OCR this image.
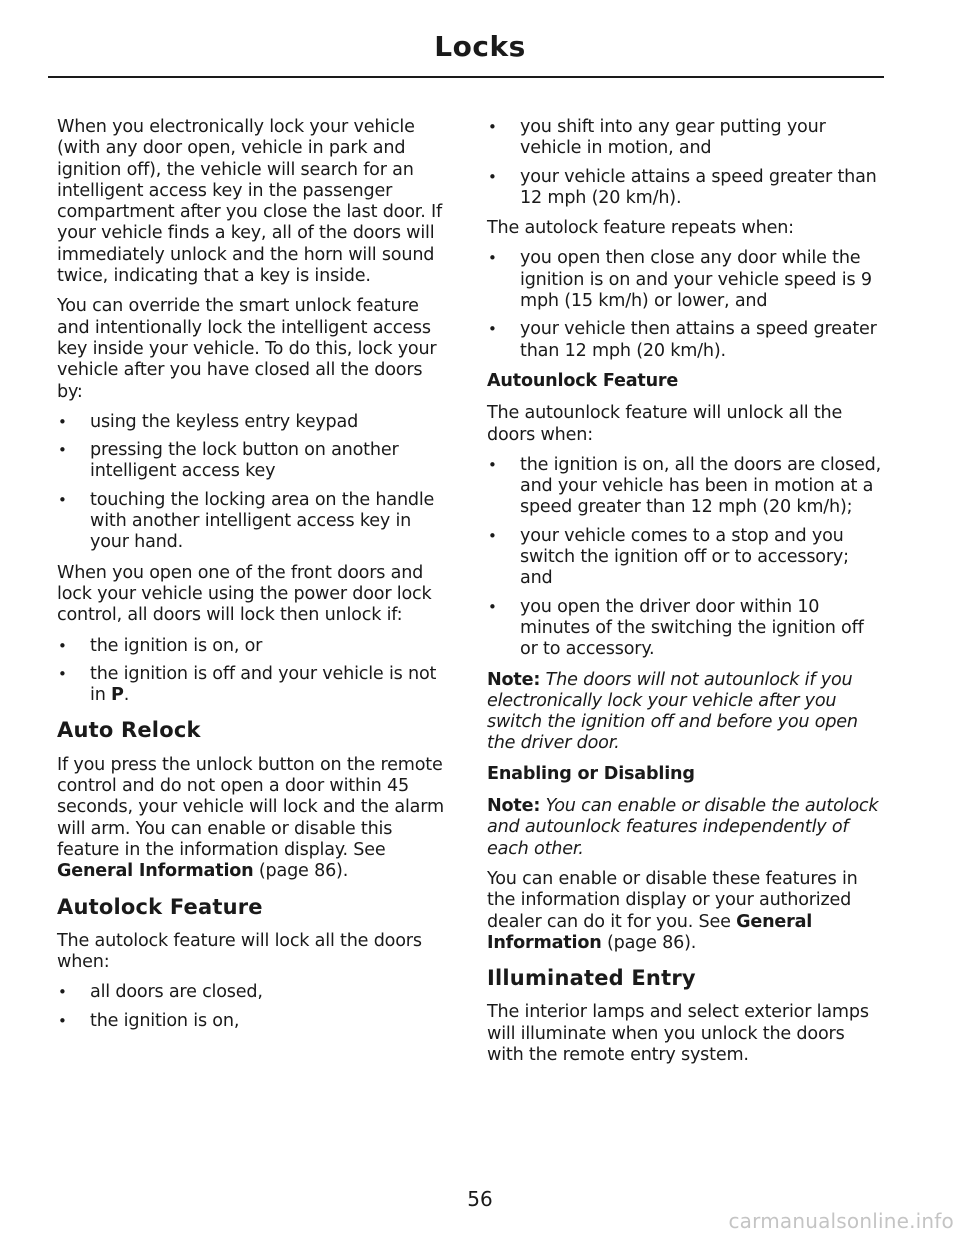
Locks

When you electronically lock your vehicle (with any door open, vehicle in park and ignition off), the vehicle will search for an intelligent access key in the passenger compartment after you close the last door. If your vehicle finds a key, all of the doors will immediately unlock and the horn will sound twice, indicating that a key is inside.

You can override the smart unlock feature and intentionally lock the intelligent access key inside your vehicle. To do this, lock your vehicle after you have closed all the doors by:

• using the keyless entry keypad
• pressing the lock button on another intelligent access key
• touching the locking area on the handle with another intelligent access key in your hand.

When you open one of the front doors and lock your vehicle using the power door lock control, all doors will lock then unlock if:

• the ignition is on, or
• the ignition is off and your vehicle is not in P.
Auto Relock

If you press the unlock button on the remote control and do not open a door within 45 seconds, your vehicle will lock and the alarm will arm. You can enable or disable this feature in the information display. See General Information (page 86).

Autolock Feature

The autolock feature will lock all the doors when:

• all doors are closed,
• the ignition is on,
• you shift into any gear putting your vehicle in motion, and
• your vehicle attains a speed greater than 12 mph (20 km/h).

The autolock feature repeats when:

• you open then close any door while the ignition is on and your vehicle speed is 9 mph (15 km/h) or lower, and
• your vehicle then attains a speed greater than 12 mph (20 km/h).
Autounlock Feature

The autounlock feature will unlock all the doors when:

• the ignition is on, all the doors are closed, and your vehicle has been in motion at a speed greater than 12 mph (20 km/h);
• your vehicle comes to a stop and you switch the ignition off or to accessory; and
• you open the driver door within 10 minutes of the switching the ignition off or to accessory.

Note: The doors will not autounlock if you electronically lock your vehicle after you switch the ignition off and before you open the driver door.

Enabling or Disabling

Note: You can enable or disable the autolock and autounlock features independently of each other.

You can enable or disable these features in the information display or your authorized dealer can do it for you. See General Information (page 86).

Illuminated Entry

The interior lamps and select exterior lamps will illuminate when you unlock the doors with the remote entry system.

56
carmanualsonline.info
